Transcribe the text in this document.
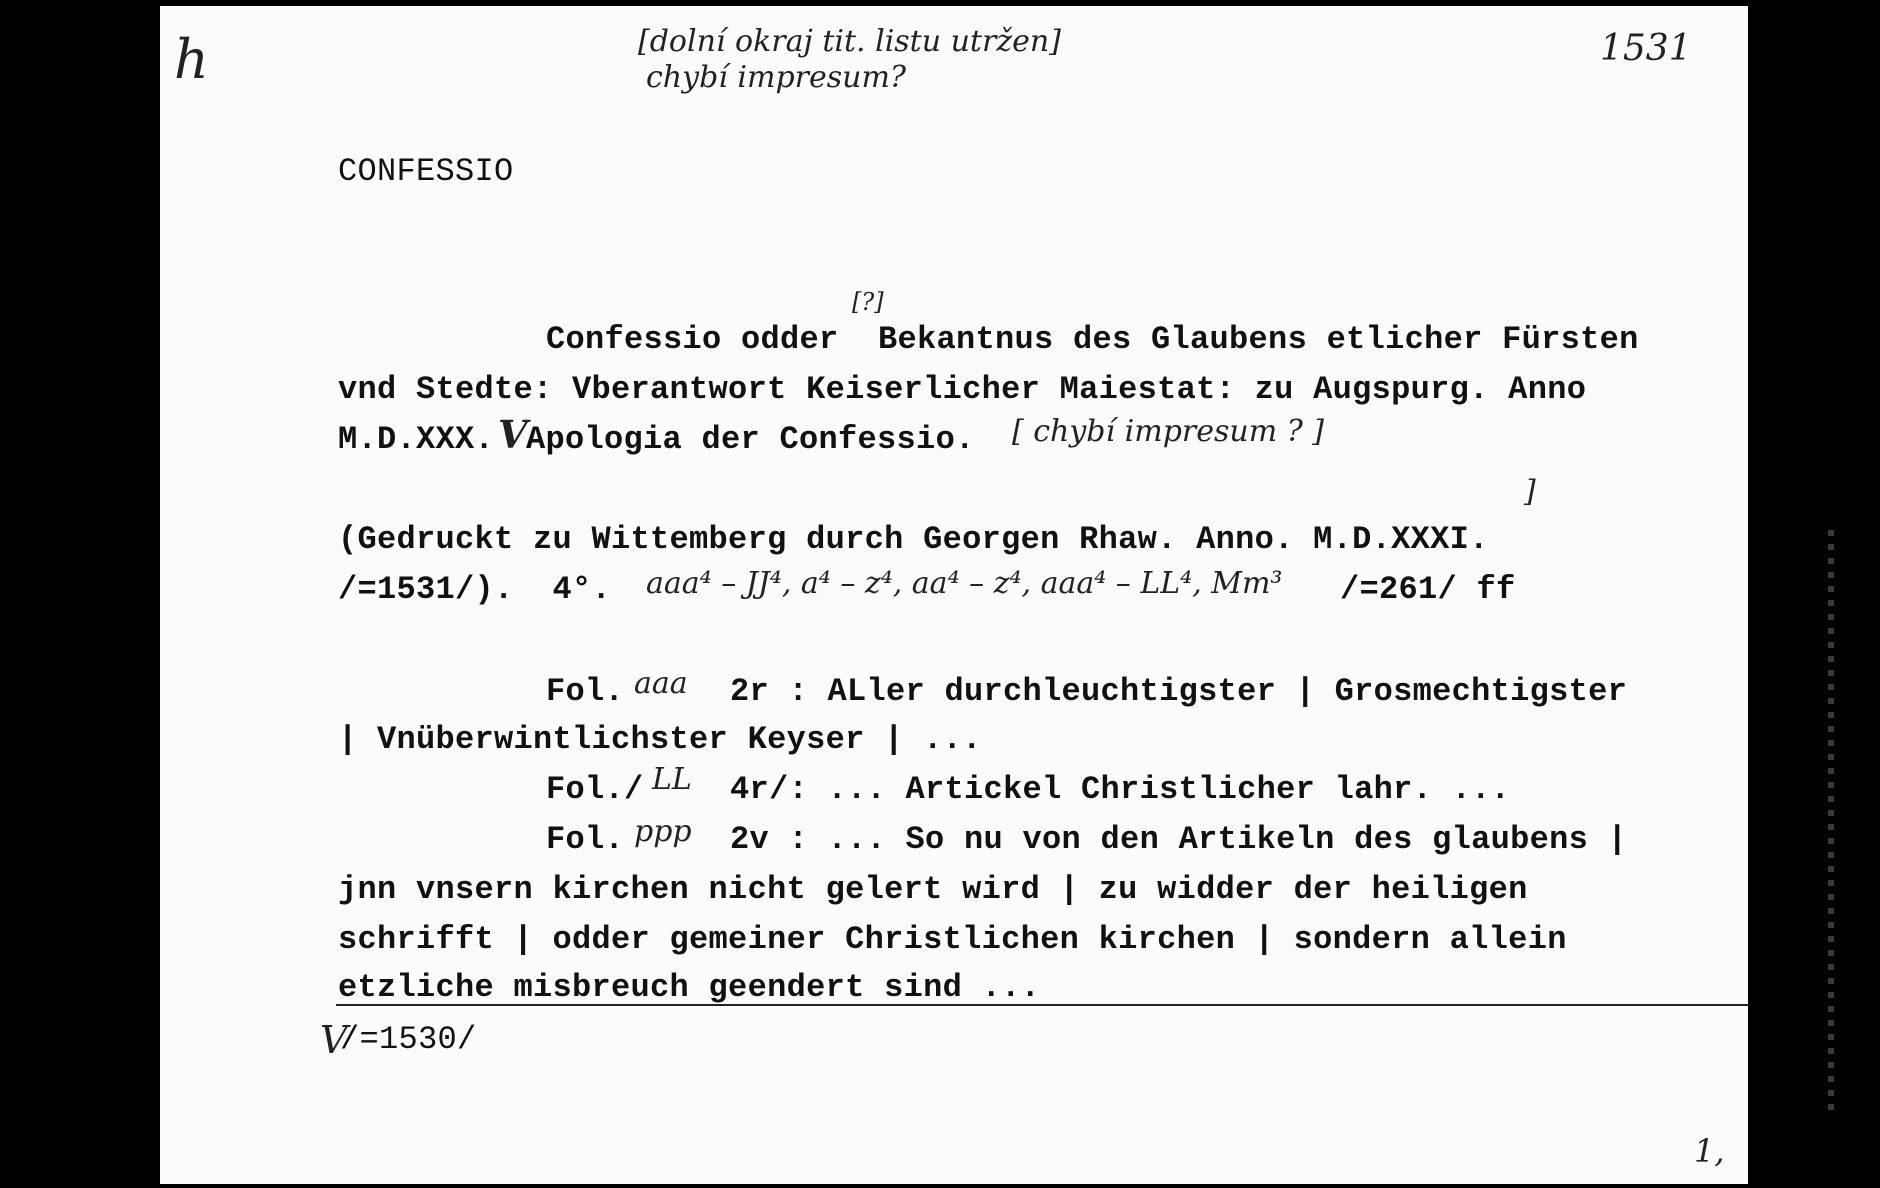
h	[dolní okraj tit. listu utržen]
chybí impresum?
1531
CONFESSIO
Confessio odder
[?]
Bekantnus des Glaubens etlicher Fürsten
vnd Stedte: Vberantwort Keiserlicher Maiestat: zu Augspurg. Anno
M.D.XXX. V
Apologia der Confessio. [ chybí impresum ? ]
]
(Gedruckt zu Wittemberg durch Georgen Rhaw. Anno. M.D.XXXI.
/=1531/).  4°. aaa⁴ – JJ⁴, a⁴ – z⁴, aa⁴ – z⁴, aaa⁴ – LL⁴, Mm³ /=261/ ff
Fol. aaa 2r : ALler durchleuchtigster | Grosmechtigster
| Vnüberwintlichster Keyser | ...
Fol./ LL 4r/: ... Artickel Christlicher lahr. ...
Fol. ppp 2v : ... So nu von den Artikeln des glaubens |
jnn vnsern kirchen nicht gelert wird | zu widder der heiligen
schrifft | odder gemeiner Christlichen kirchen | sondern allein
etzliche misbreuch geendert sind ...
V
/=1530/
1,
